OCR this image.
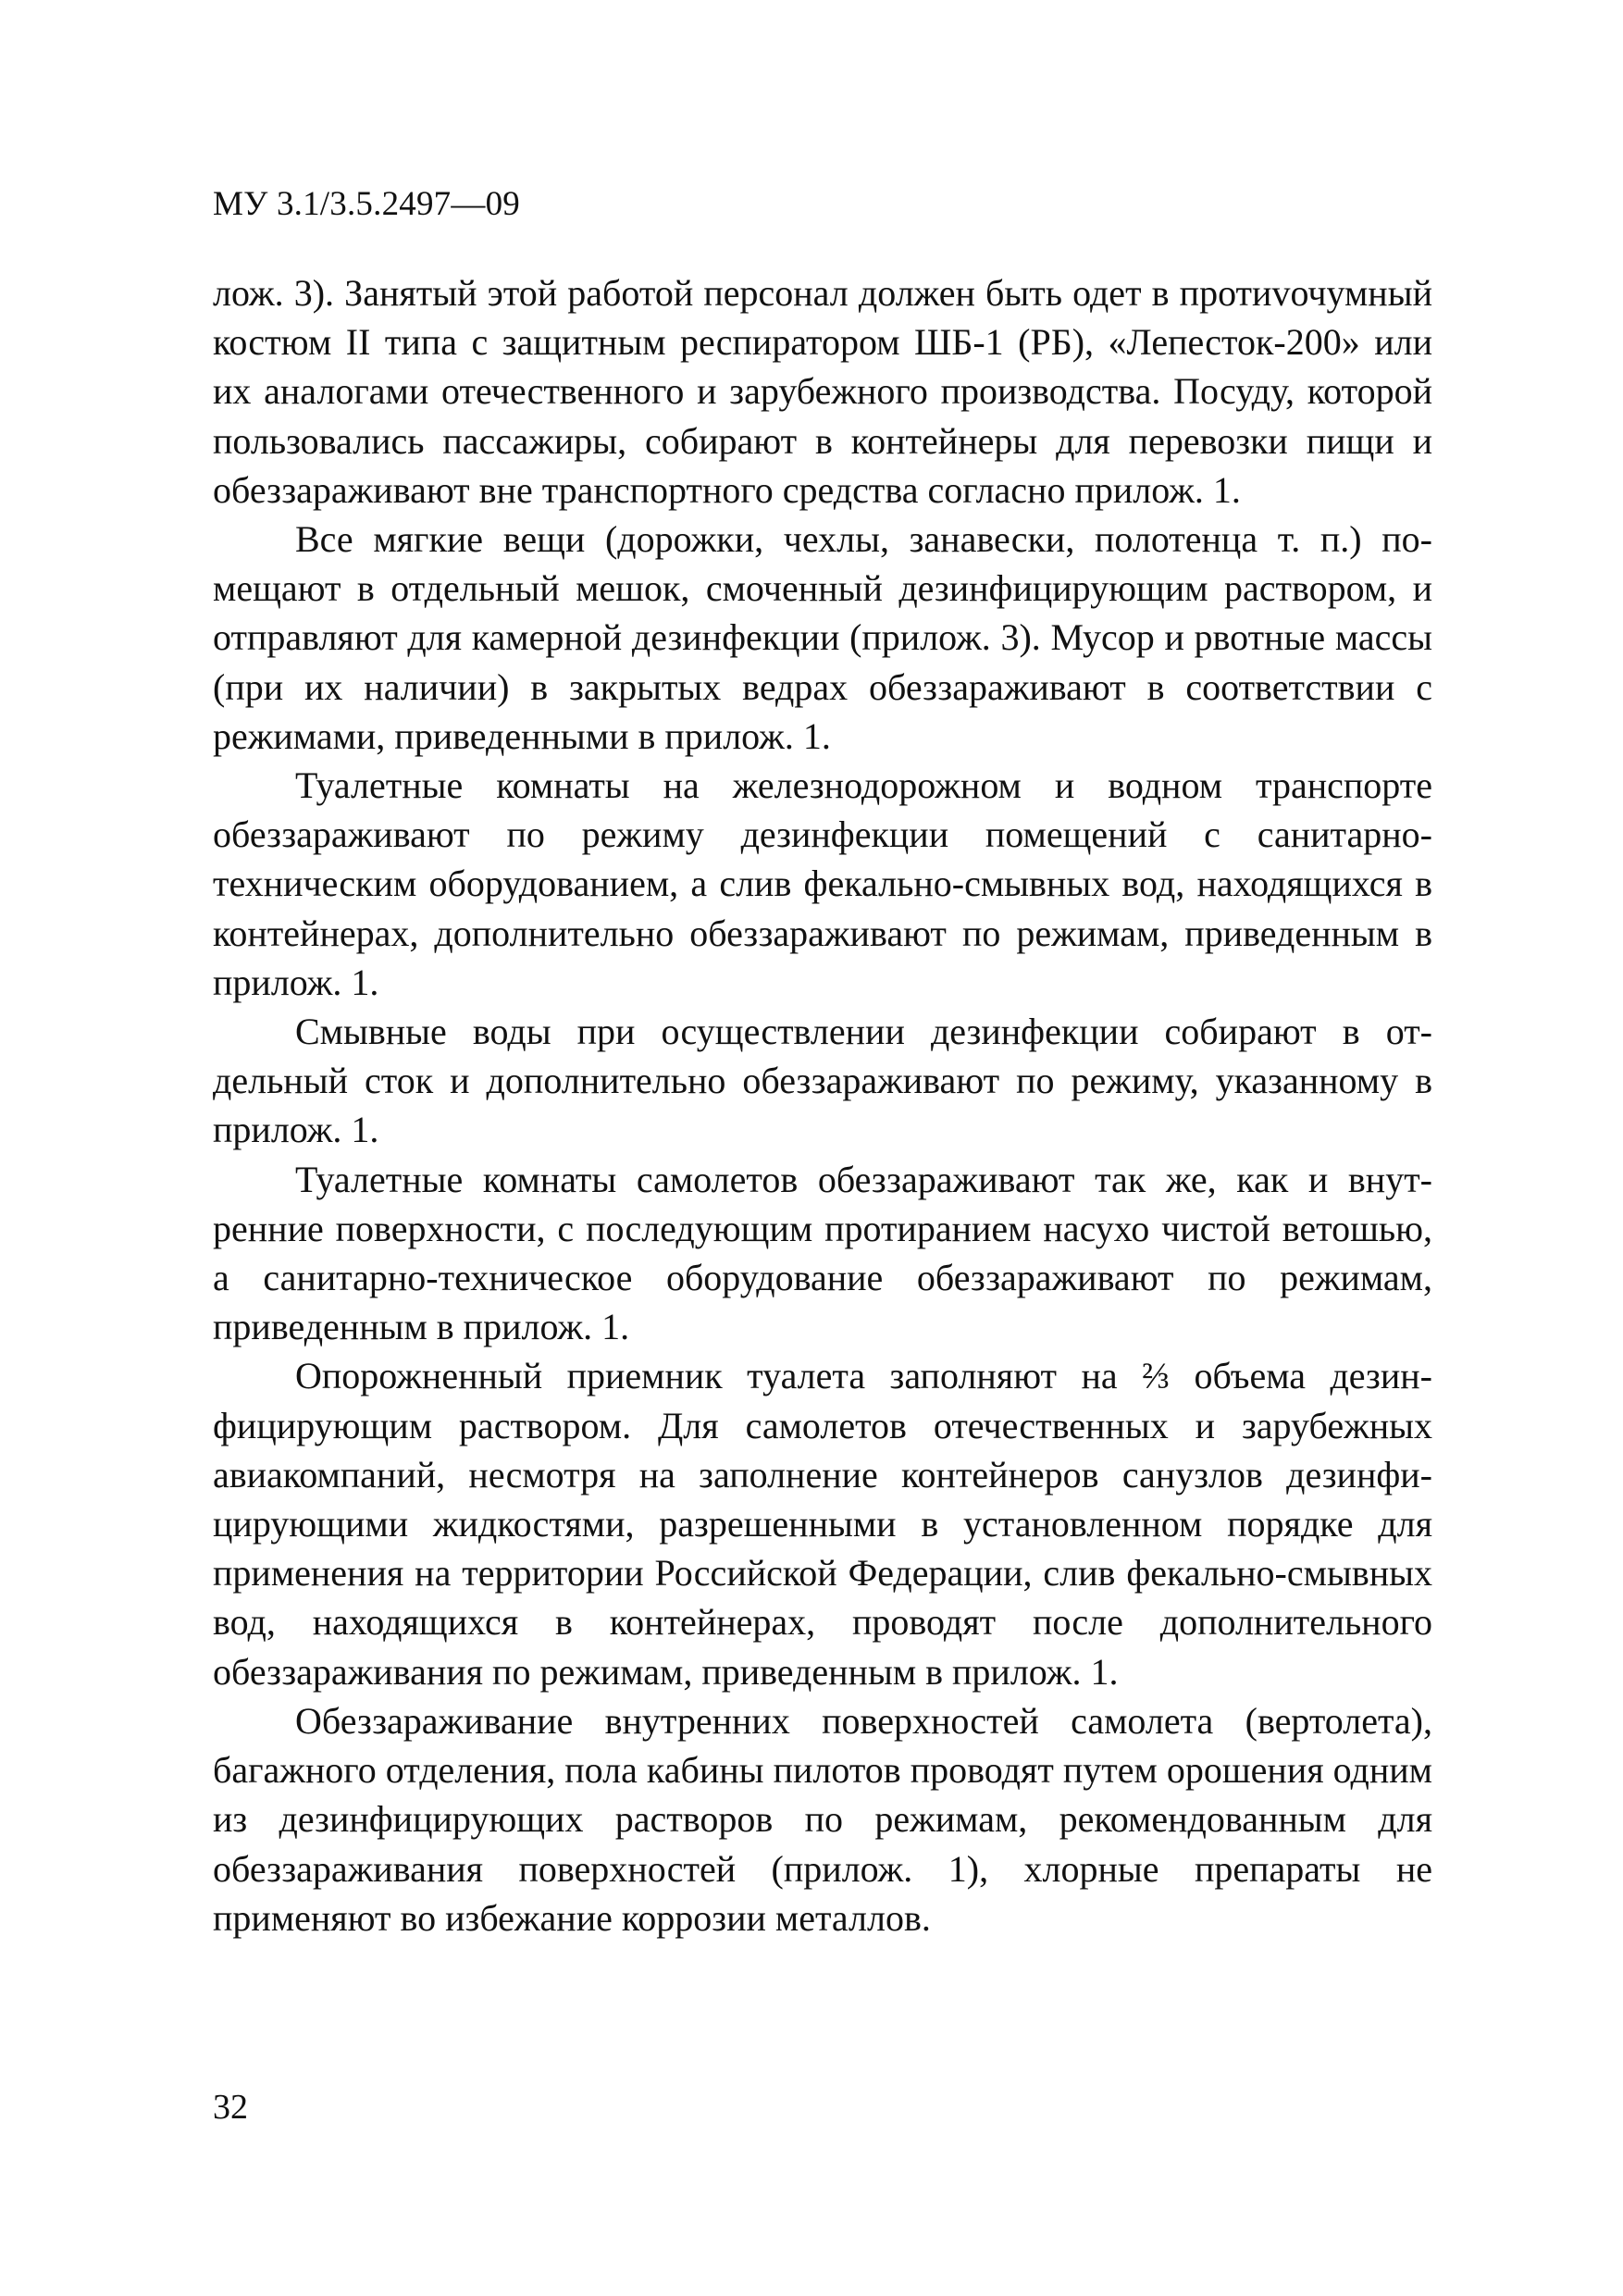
МУ 3.1/3.5.2497—09

лож. 3). Занятый этой работой персонал должен быть одет в протиvочумный костюм II типа с защитным респиратором ШБ-1 (РБ), «Лепесток-200» или их аналогами отечественного и зарубежного производства. Посуду, которой пользовались пассажиры, собирают в контейнеры для перевозки пищи и обеззараживают вне транспортного средства согласно прилож. 1.

Все мягкие вещи (дорожки, чехлы, занавески, полотенца т. п.) помещают в отдельный мешок, смоченный дезинфицирующим раствором, и отправляют для камерной дезинфекции (прилож. 3). Мусор и рвотные массы (при их наличии) в закрытых ведрах обеззараживают в соответствии с режимами, приведенными в прилож. 1.

Туалетные комнаты на железнодорожном и водном транспорте обеззараживают по режиму дезинфекции помещений с санитарно-техническим оборудованием, а слив фекально-смывных вод, находящихся в контейнерах, дополнительно обеззараживают по режимам, приведенным в прилож. 1.

Смывные воды при осуществлении дезинфекции собирают в отдельный сток и дополнительно обеззараживают по режиму, указанному в прилож. 1.

Туалетные комнаты самолетов обеззараживают так же, как и внутренние поверхности, с последующим протиранием насухо чистой ветошью, а санитарно-техническое оборудование обеззараживают по режимам, приведенным в прилож. 1.

Опорожненный приемник туалета заполняют на ⅔ объема дезинфицирующим раствором. Для самолетов отечественных и зарубежных авиакомпаний, несмотря на заполнение контейнеров санузлов дезинфицирующими жидкостями, разрешенными в установленном порядке для применения на территории Российской Федерации, слив фекально-смывных вод, находящихся в контейнерах, проводят после дополнительного обеззараживания по режимам, приведенным в прилож. 1.

Обеззараживание внутренних поверхностей самолета (вертолета), багажного отделения, пола кабины пилотов проводят путем орошения одним из дезинфицирующих растворов по режимам, рекомендованным для обеззараживания поверхностей (прилож. 1), хлорные препараты не применяют во избежание коррозии металлов.

32
